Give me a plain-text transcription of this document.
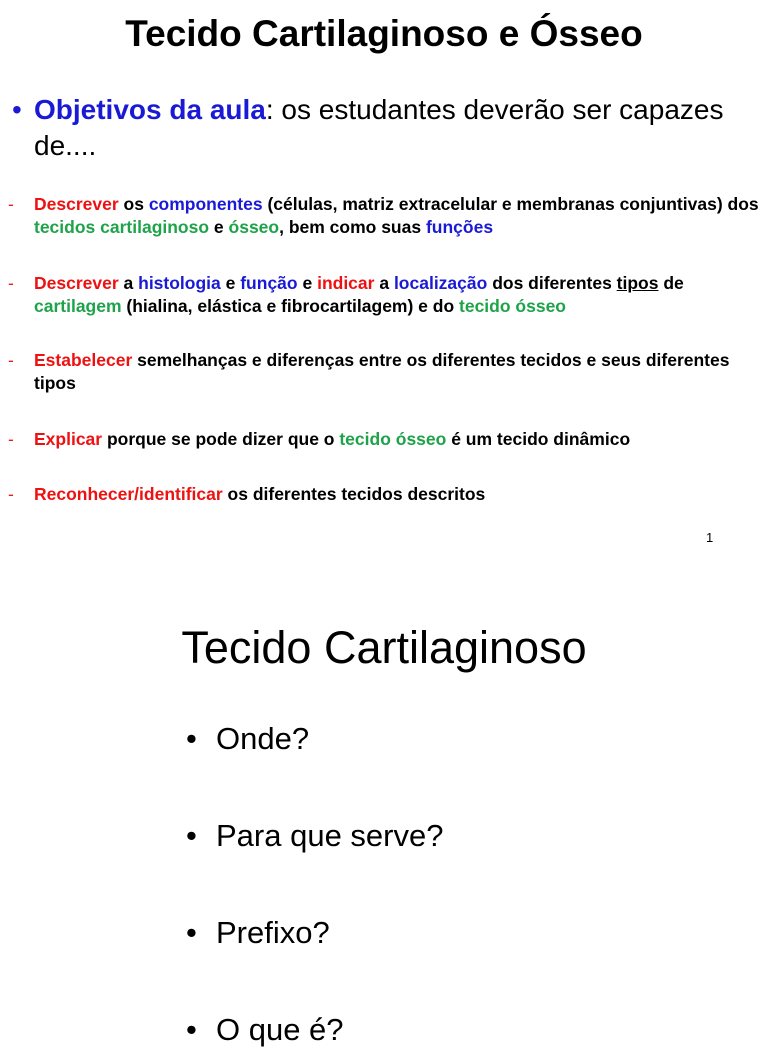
Tecido Cartilaginoso e Ósseo
• Objetivos da aula: os estudantes deverão ser capazes de....
-	Descrever os componentes (células, matriz extracelular e membranas conjuntivas) dos tecidos cartilaginoso e ósseo, bem como suas funções
-	Descrever a histologia e função e indicar a localização dos diferentes tipos de cartilagem (hialina, elástica e fibrocartilagem) e do tecido ósseo
-	Estabelecer semelhanças e diferenças entre os diferentes tecidos e seus diferentes tipos
-	Explicar porque se pode dizer que o tecido ósseo é um tecido dinâmico
-	Reconhecer/identificar os diferentes tecidos descritos
1
Tecido Cartilaginoso
• Onde?
• Para que serve?
• Prefixo?
• O que é?
